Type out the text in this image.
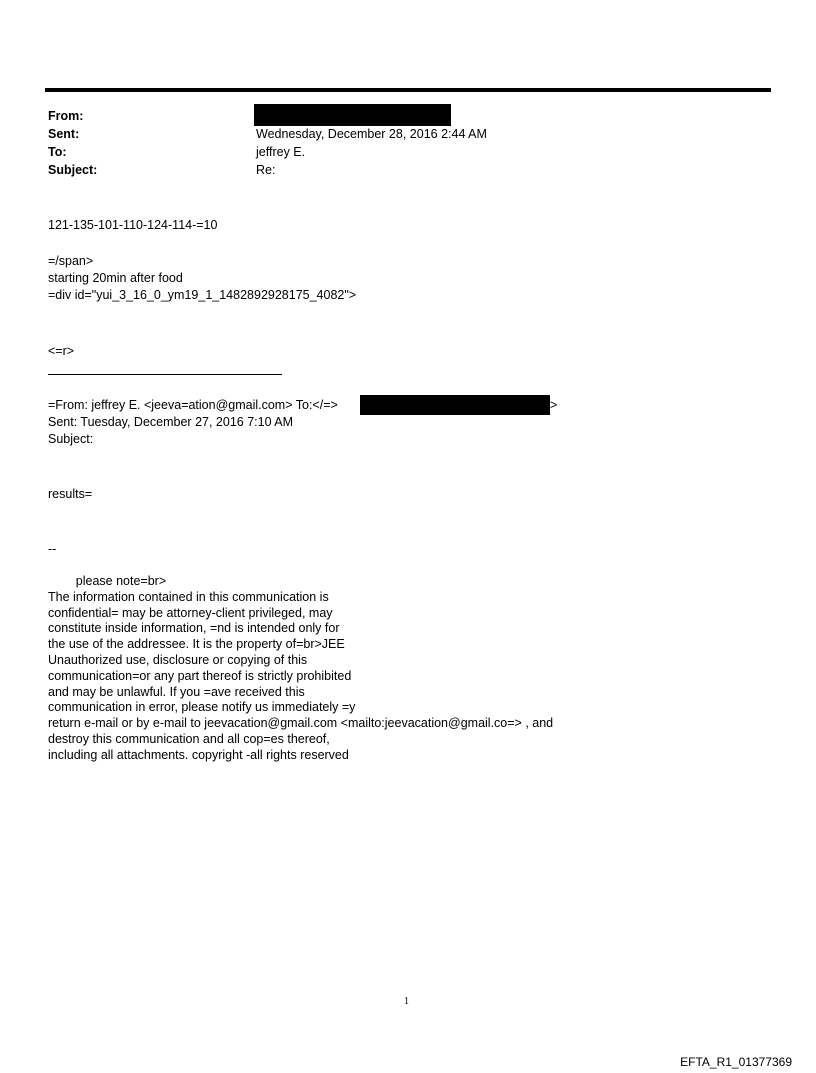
From:
Sent:	Wednesday, December 28, 2016 2:44 AM
To:	jeffrey E.
Subject:	Re:
121-135-101-110-124-114-=10
=/span>
starting 20min after food
=div id="yui_3_16_0_ym19_1_1482892928175_4082">
<=r>
=From: jeffrey E. <jeeva=ation@gmail.com> To:</=>	>
Sent: Tuesday, December 27, 2016 7:10 AM
Subject:
results=
--
please note=br>
The information contained in this communication is
confidential= may be attorney-client privileged, may
constitute inside information, =nd is intended only for
the use of the addressee. It is the property of=br>JEE
Unauthorized use, disclosure or copying of this
communication=or any part thereof is strictly prohibited
and may be unlawful. If you =ave received this
communication in error, please notify us immediately =y
return e-mail or by e-mail to jeevacation@gmail.com <mailto:jeevacation@gmail.co=> , and
destroy this communication and all cop=es thereof,
including all attachments. copyright -all rights reserved
1
EFTA_R1_01377369
